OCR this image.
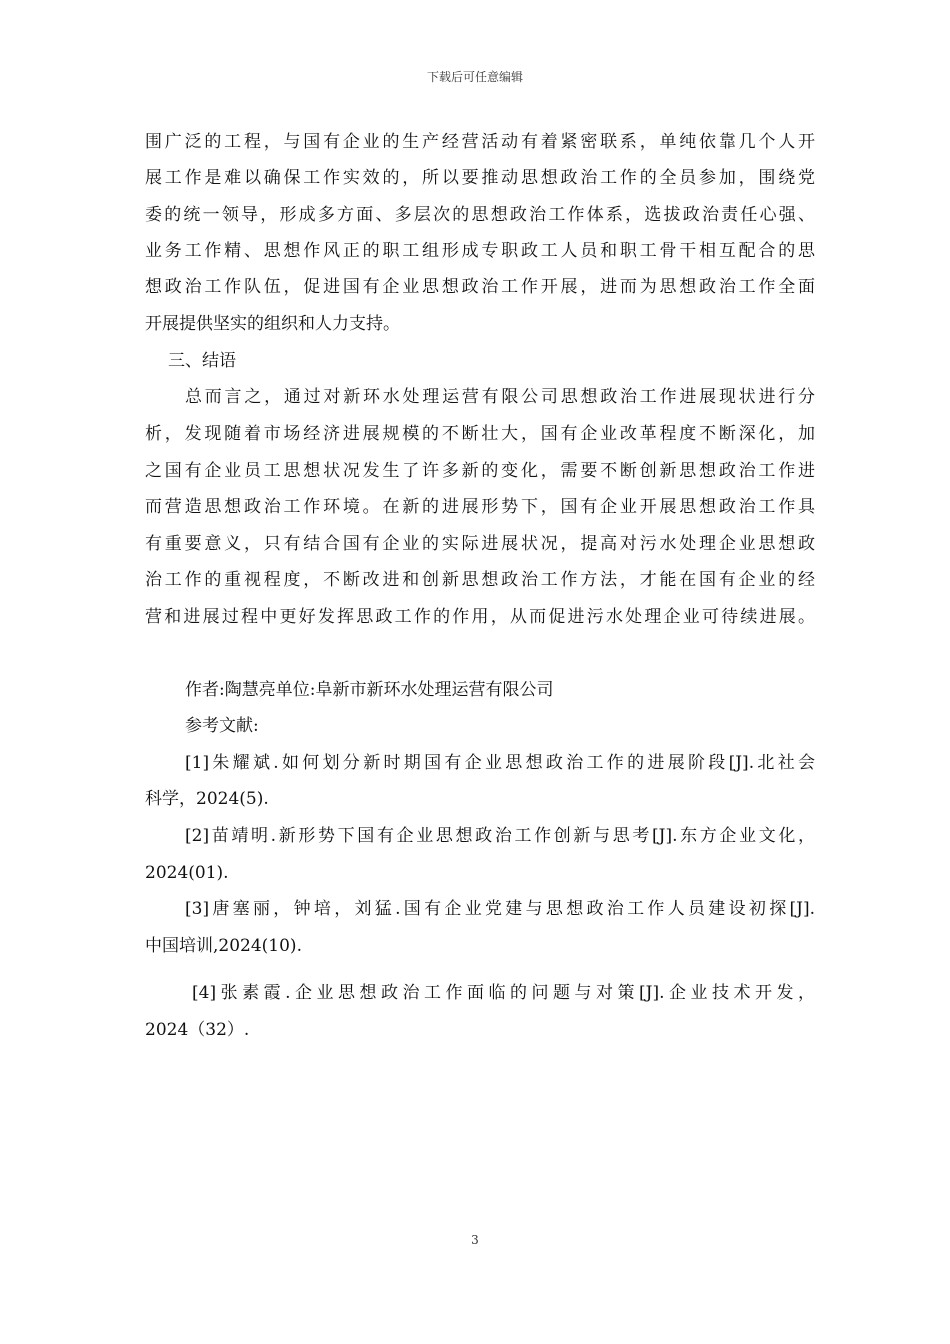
下载后可任意编辑
围广泛的工程，与国有企业的生产经营活动有着紧密联系，单纯依靠几个人开
展工作是难以确保工作实效的，所以要推动思想政治工作的全员参加，围绕党
委的统一领导，形成多方面、多层次的思想政治工作体系，选拔政治责任心强、
业务工作精、思想作风正的职工组形成专职政工人员和职工骨干相互配合的思
想政治工作队伍，促进国有企业思想政治工作开展，进而为思想政治工作全面
开展提供坚实的组织和人力支持。
三、结语
总而言之，通过对新环水处理运营有限公司思想政治工作进展现状进行分
析，发现随着市场经济进展规模的不断壮大，国有企业改革程度不断深化，加
之国有企业员工思想状况发生了许多新的变化，需要不断创新思想政治工作进
而营造思想政治工作环境。在新的进展形势下，国有企业开展思想政治工作具
有重要意义，只有结合国有企业的实际进展状况，提高对污水处理企业思想政
治工作的重视程度，不断改进和创新思想政治工作方法，才能在国有企业的经
营和进展过程中更好发挥思政工作的作用，从而促进污水处理企业可待续进展。
作者:陶慧亮单位:阜新市新环水处理运营有限公司
参考文献:
[1]朱耀斌.如何划分新时期国有企业思想政治工作的进展阶段[J].北社会
科学，2024(5).
[2]苗靖明.新形势下国有企业思想政治工作创新与思考[J].东方企业文化，
2024(01).
[3]唐塞丽，钟培，刘猛.国有企业党建与思想政治工作人员建设初探[J].
中国培训,2024(10).
[4]张素霞.企业思想政治工作面临的问题与对策[J].企业技术开发，
2024（32）.
3
